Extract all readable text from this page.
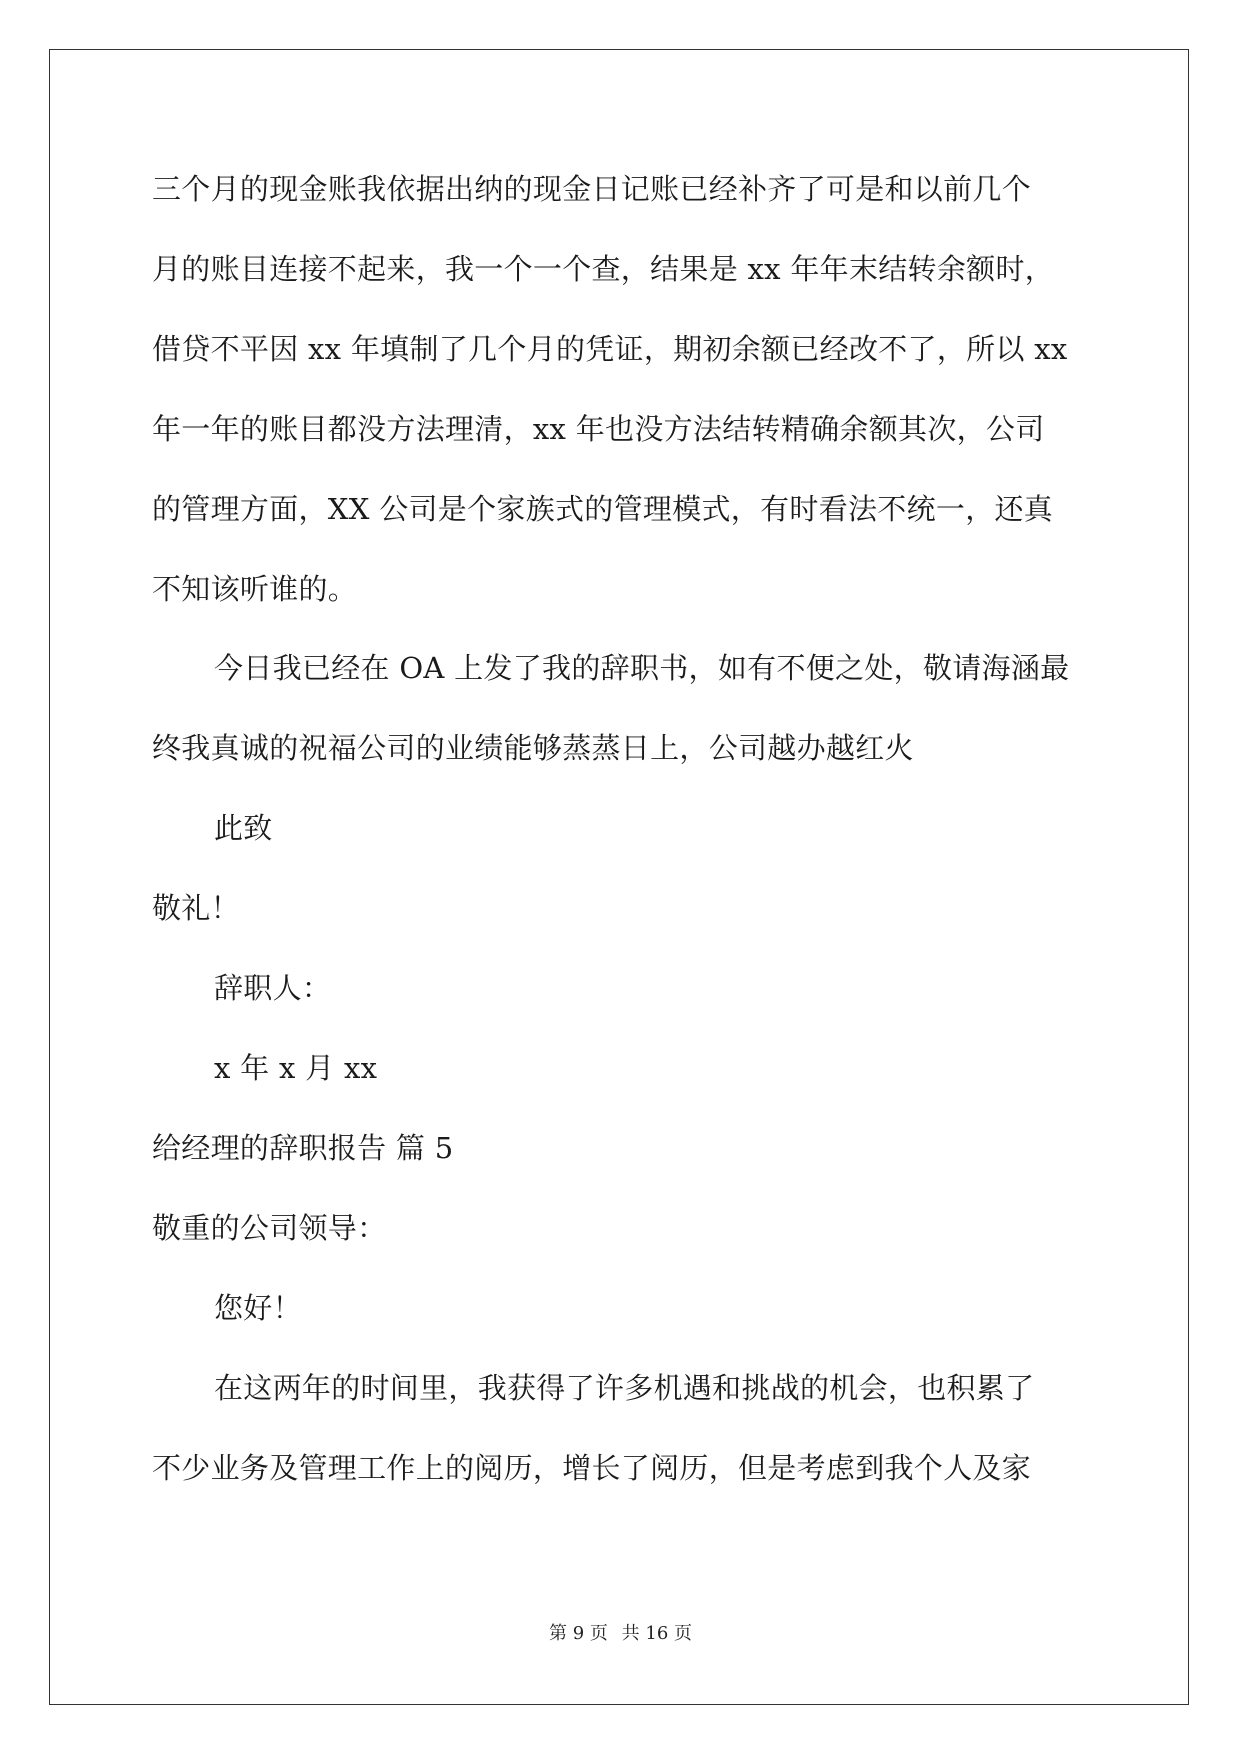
三个月的现金账我依据出纳的现金日记账已经补齐了可是和以前几个
月的账目连接不起来，我一个一个查，结果是 xx 年年末结转余额时，
借贷不平因 xx 年填制了几个月的凭证，期初余额已经改不了，所以 xx
年一年的账目都没方法理清，xx 年也没方法结转精确余额其次，公司
的管理方面，XX 公司是个家族式的管理模式，有时看法不统一，还真
不知该听谁的。
今日我已经在 OA 上发了我的辞职书，如有不便之处，敬请海涵最
终我真诚的祝福公司的业绩能够蒸蒸日上，公司越办越红火
此致
敬礼！
辞职人：
x 年 x 月 xx
给经理的辞职报告 篇 5
敬重的公司领导：
您好！
在这两年的时间里，我获得了许多机遇和挑战的机会，也积累了
不少业务及管理工作上的阅历，增长了阅历，但是考虑到我个人及家
第 9 页 共 16 页
